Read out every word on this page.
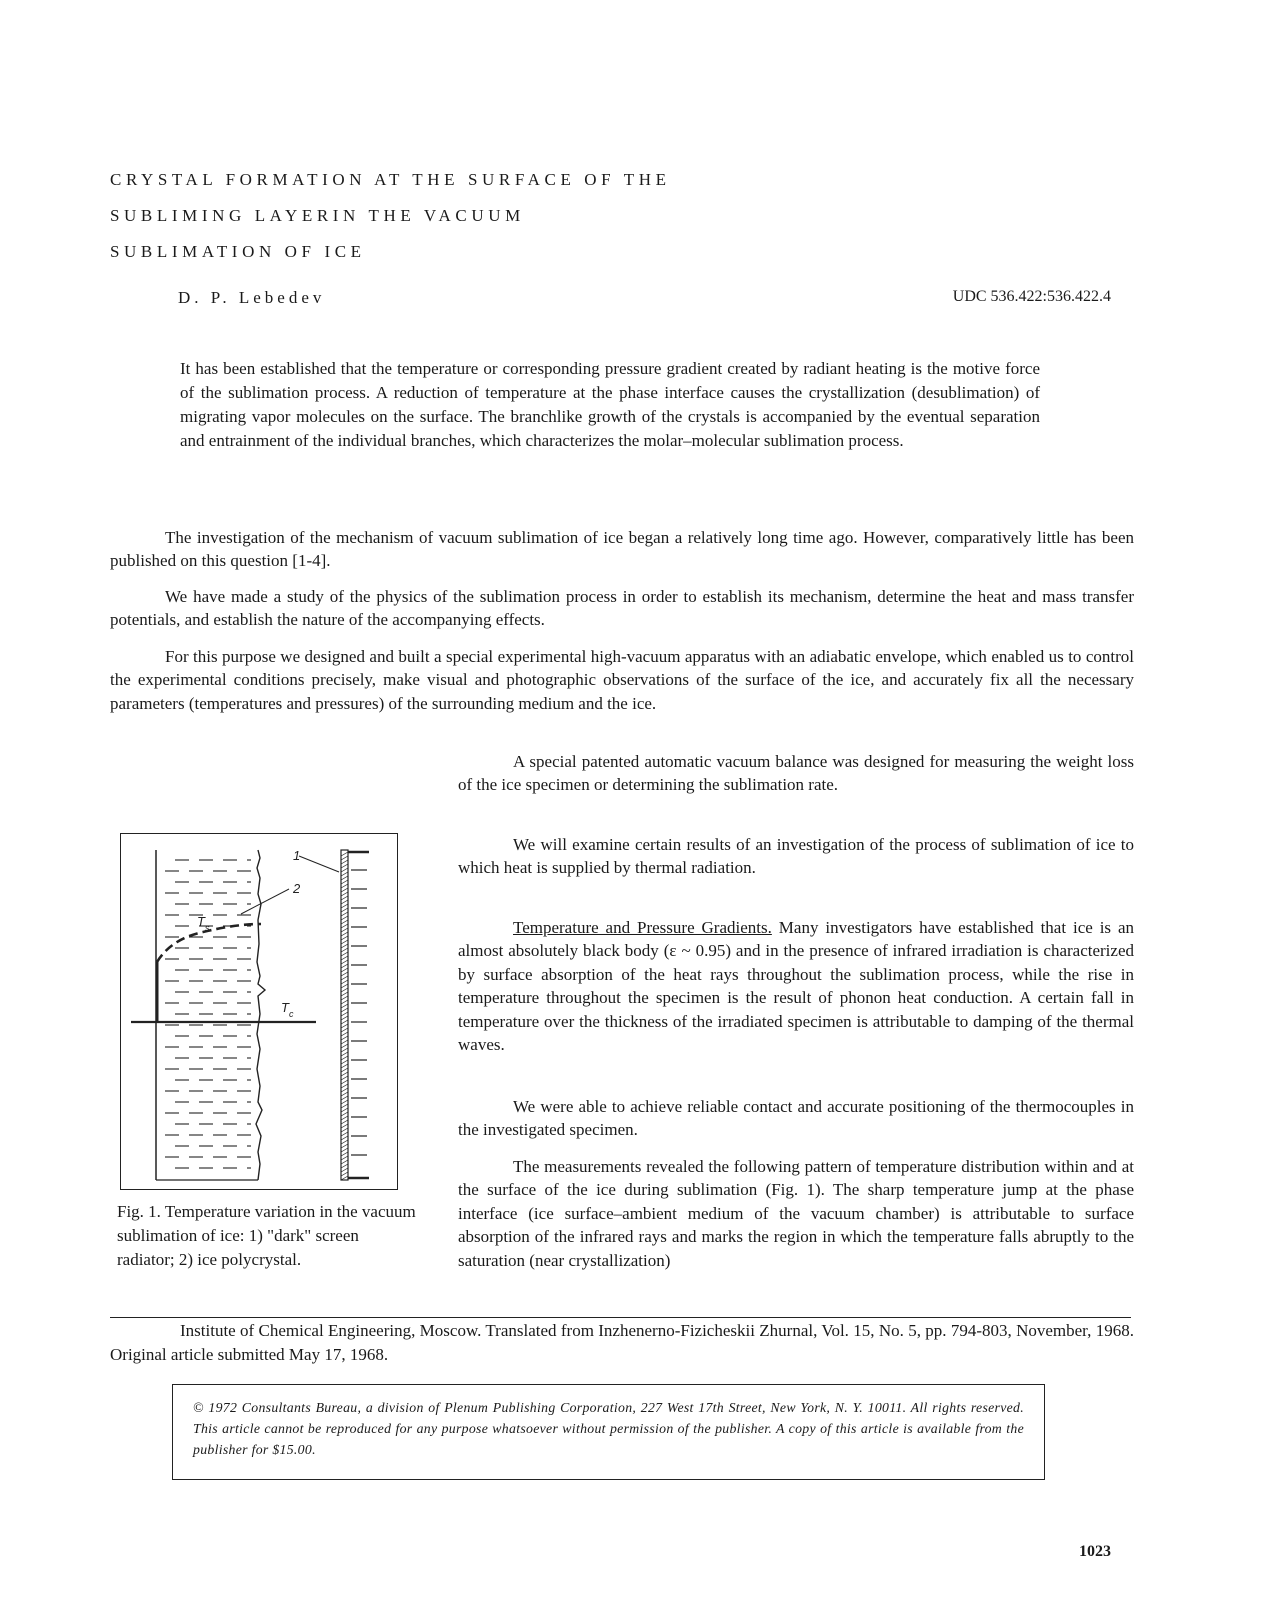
CRYSTAL FORMATION AT THE SURFACE OF THE
SUBLIMING LAYERIN THE VACUUM
SUBLIMATION OF ICE
D. P. Lebedev	UDC 536.422:536.422.4
It has been established that the temperature or corresponding pressure gradient created by radiant heating is the motive force of the sublimation process. A reduction of temperature at the phase interface causes the crystallization (desublimation) of migrating vapor molecules on the surface. The branchlike growth of the crystals is accompanied by the eventual separation and entrainment of the individual branches, which characterizes the molar–molecular sublimation process.

The investigation of the mechanism of vacuum sublimation of ice began a relatively long time ago. However, comparatively little has been published on this question [1-4].

We have made a study of the physics of the sublimation process in order to establish its mechanism, determine the heat and mass transfer potentials, and establish the nature of the accompanying effects.

For this purpose we designed and built a special experimental high-vacuum apparatus with an adiabatic envelope, which enabled us to control the experimental conditions precisely, make visual and photographic observations of the surface of the ice, and accurately fix all the necessary parameters (temperatures and pressures) of the surrounding medium and the ice.

A special patented automatic vacuum balance was designed for measuring the weight loss of the ice specimen or determining the sublimation rate.

We will examine certain results of an investigation of the process of sublimation of ice to which heat is supplied by thermal radiation.

Temperature and Pressure Gradients. Many investigators have established that ice is an almost absolutely black body (ε ~ 0.95) and in the presence of infrared irradiation is characterized by surface absorption of the heat rays throughout the sublimation process, while the rise in temperature throughout the specimen is the result of phonon heat conduction. A certain fall in temperature over the thickness of the irradiated specimen is attributable to damping of the thermal waves.

We were able to achieve reliable contact and accurate positioning of the thermocouples in the investigated specimen.

The measurements revealed the following pattern of temperature distribution within and at the surface of the ice during sublimation (Fig. 1). The sharp temperature jump at the phase interface (ice surface–ambient medium of the vacuum chamber) is attributable to surface absorption of the infrared rays and marks the region in which the temperature falls abruptly to the saturation (near crystallization)

1
2
T s
T c
Fig. 1. Temperature variation in the vacuum sublimation of ice: 1) "dark" screen radiator; 2) ice polycrystal.
Institute of Chemical Engineering, Moscow. Translated from Inzhenerno-Fizicheskii Zhurnal, Vol. 15, No. 5, pp. 794-803, November, 1968. Original article submitted May 17, 1968.
© 1972 Consultants Bureau, a division of Plenum Publishing Corporation, 227 West 17th Street, New York, N. Y. 10011. All rights reserved. This article cannot be reproduced for any purpose whatsoever without permission of the publisher. A copy of this article is available from the publisher for $15.00.
1023
